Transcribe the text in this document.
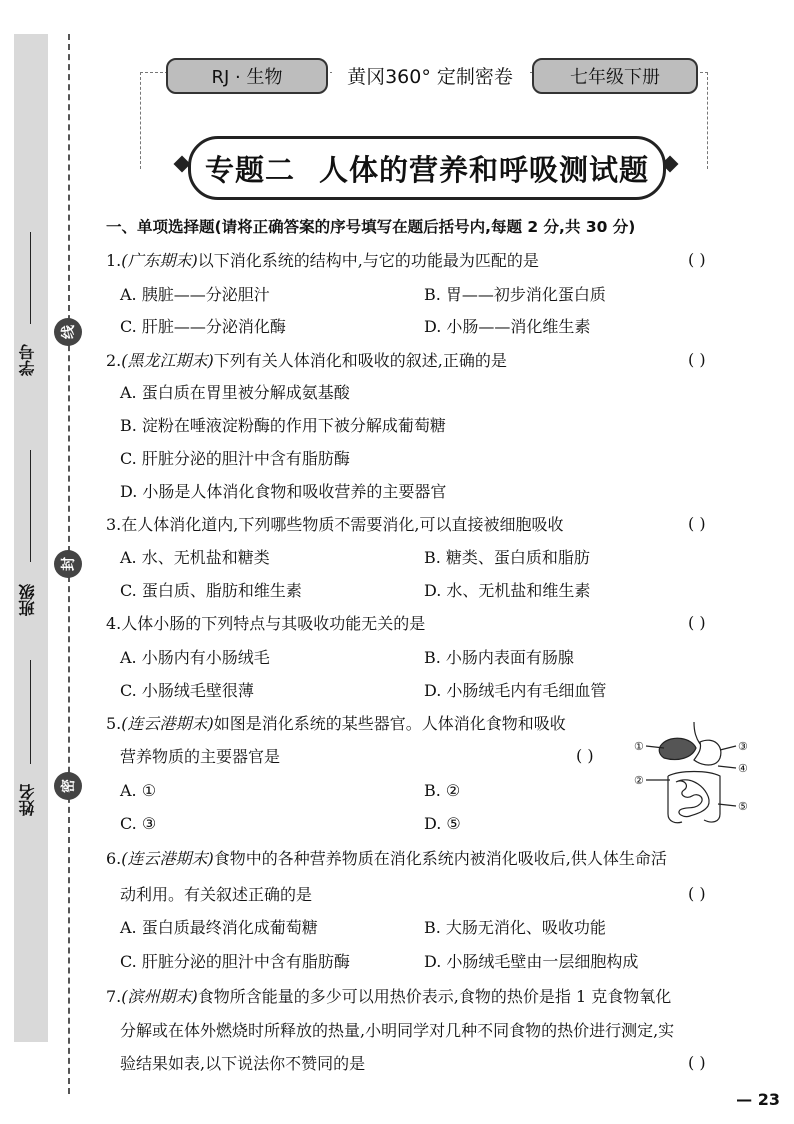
学号
班级
姓名
线
封
密
RJ · 生物	黄冈360° 定制密卷	七年级下册
专题二 人体的营养和呼吸测试题
一、单项选择题(请将正确答案的序号填写在题后括号内,每题 2 分,共 30 分)
1.(广东期末)以下消化系统的结构中,与它的功能最为匹配的是	( )
A. 胰脏——分泌胆汁	B. 胃——初步消化蛋白质
C. 肝脏——分泌消化酶	D. 小肠——消化维生素
2.(黑龙江期末)下列有关人体消化和吸收的叙述,正确的是	( )
A. 蛋白质在胃里被分解成氨基酸
B. 淀粉在唾液淀粉酶的作用下被分解成葡萄糖
C. 肝脏分泌的胆汁中含有脂肪酶
D. 小肠是人体消化食物和吸收营养的主要器官
3.在人体消化道内,下列哪些物质不需要消化,可以直接被细胞吸收	( )
A. 水、无机盐和糖类	B. 糖类、蛋白质和脂肪
C. 蛋白质、脂肪和维生素	D. 水、无机盐和维生素
4.人体小肠的下列特点与其吸收功能无关的是	( )
A. 小肠内有小肠绒毛	B. 小肠内表面有肠腺
C. 小肠绒毛壁很薄	D. 小肠绒毛内有毛细血管
5.(连云港期末)如图是消化系统的某些器官。人体消化食物和吸收
营养物质的主要器官是	( )
A. ①	B. ②
C. ③	D. ⑤
①	③
④
②
⑤
6.(连云港期末)食物中的各种营养物质在消化系统内被消化吸收后,供人体生命活
动利用。有关叙述正确的是	( )
A. 蛋白质最终消化成葡萄糖	B. 大肠无消化、吸收功能
C. 肝脏分泌的胆汁中含有脂肪酶	D. 小肠绒毛壁由一层细胞构成
7.(滨州期末)食物所含能量的多少可以用热价表示,食物的热价是指 1 克食物氧化
分解或在体外燃烧时所释放的热量,小明同学对几种不同食物的热价进行测定,实
验结果如表,以下说法你不赞同的是	( )
— 23
